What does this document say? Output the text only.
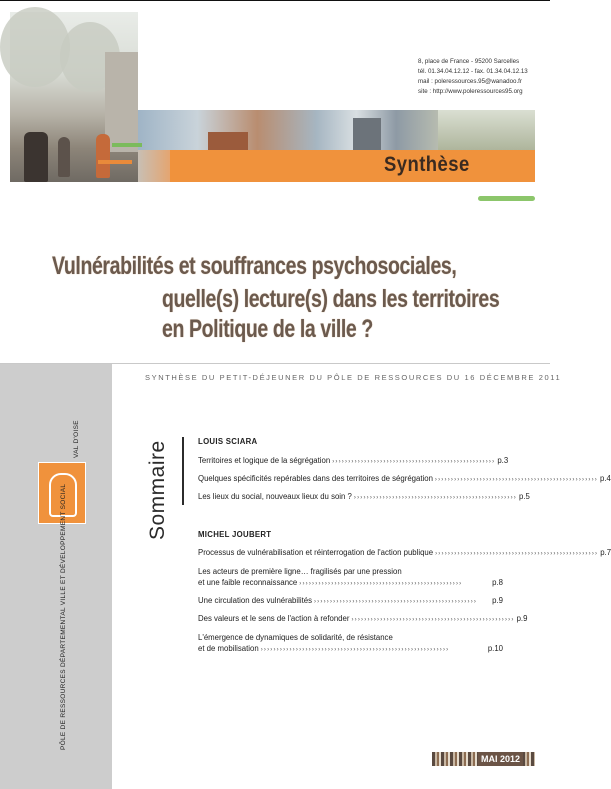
Synthèse
8, place de France - 95200 Sarcelles
tél. 01.34.04.12.12 - fax. 01.34.04.12.13
mail : poleressources.95@wanadoo.fr
site : http://www.poleressources95.org
Vulnérabilités et souffrances psychosociales,
quelle(s) lecture(s) dans les territoires
en Politique de la ville ?
VAL D'OISE
PÔLE DE RESSOURCES DÉPARTEMENTAL VILLE ET DÉVELOPPEMENT SOCIAL
SYNTHÈSE DU PETIT-DÉJEUNER DU PÔLE DE RESSOURCES DU 16 DÉCEMBRE 2011
Sommaire	LOUIS SCIARA
Territoires et logique de la ségrégation ››››››››››››››››››››››››››››››››››››››››››››››››››› p.3
Quelques spécificités repérables dans des territoires de ségrégation ››››››››››››››››››››››››››››››››››››››››››››››››››› p.4
Les lieux du social, nouveaux lieux du soin ? ››››››››››››››››››››››››››››››››››››››››››››››››››› p.5
MICHEL JOUBERT
Processus de vulnérabilisation et réinterrogation de l'action publique ››››››››››››››››››››››››››››››››››››››››››››››››››› p.7
Les acteurs de première ligne… fragilisés par une pression
et une faible reconnaissance ›››››››››››››››››››››››››››››››››››››››››››››››››››	p.8
Une circulation des vulnérabilités ›››››››››››››››››››››››››››››››››››››››››››››››››››	p.9
Des valeurs et le sens de l'action à refonder ››››››››››››››››››››››››››››››››››››››››››››››››››› p.9
L'émergence de dynamiques de solidarité, de résistance
et de mobilisation ›››››››››››››››››››››››››››››››››››››››››››››››››››››››››››	p.10
MAI 2012
